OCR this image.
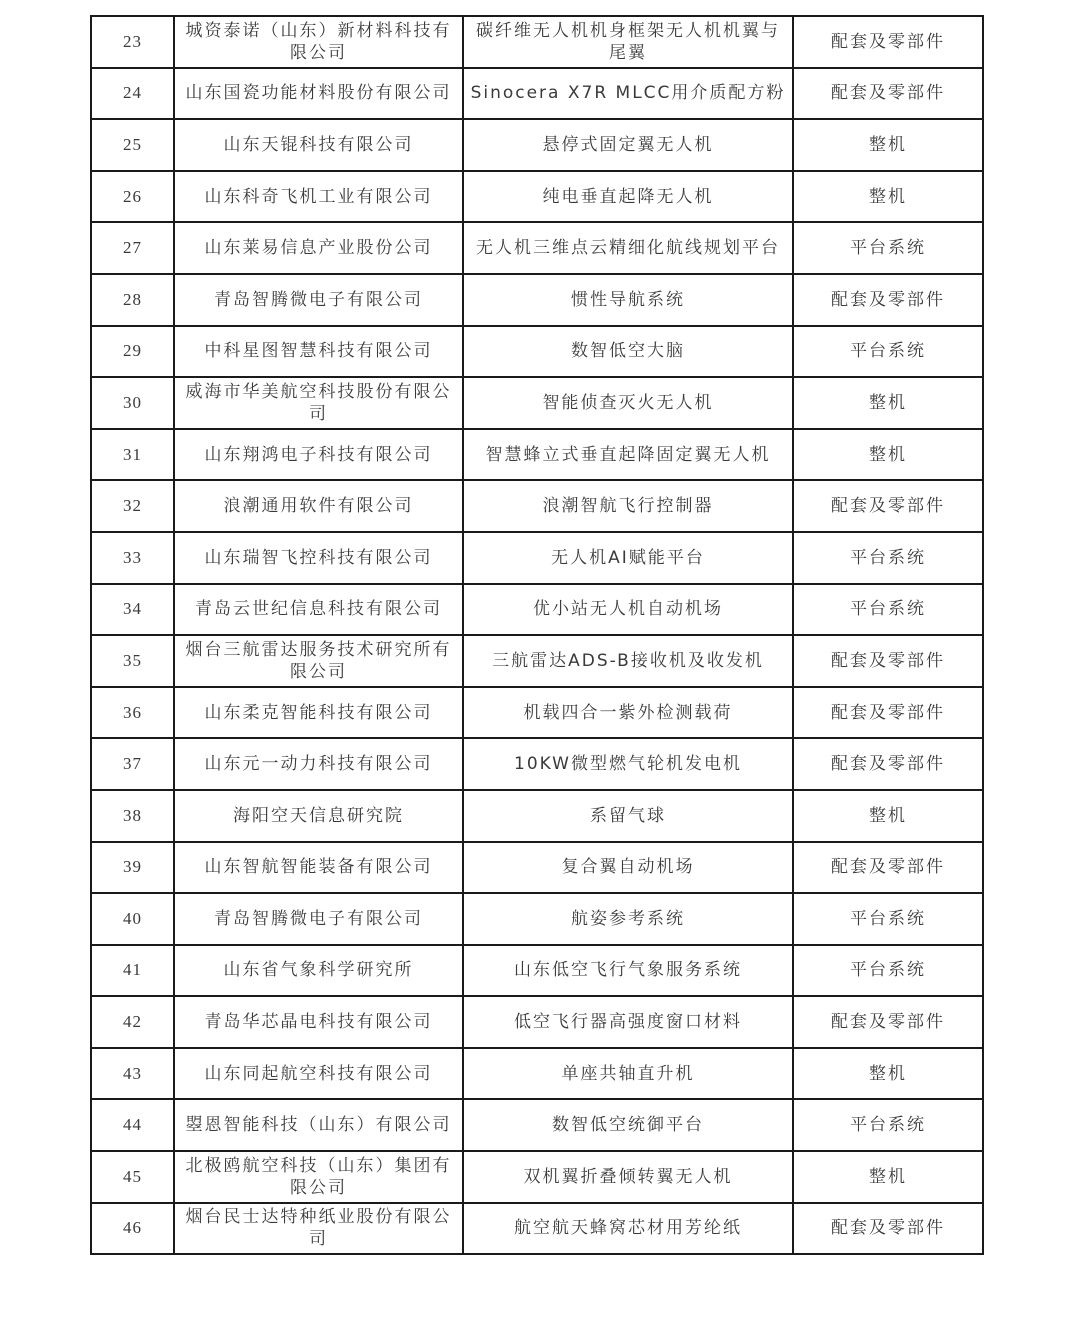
23	城资泰诺（山东）新材料科技有限公司	碳纤维无人机机身框架无人机机翼与尾翼	配套及零部件
24	山东国瓷功能材料股份有限公司	Sinocera X7R MLCC用介质配方粉	配套及零部件
25	山东天锟科技有限公司	悬停式固定翼无人机	整机
26	山东科奇飞机工业有限公司	纯电垂直起降无人机	整机
27	山东莱易信息产业股份公司	无人机三维点云精细化航线规划平台	平台系统
28	青岛智腾微电子有限公司	惯性导航系统	配套及零部件
29	中科星图智慧科技有限公司	数智低空大脑	平台系统
30	威海市华美航空科技股份有限公司	智能侦查灭火无人机	整机
31	山东翔鸿电子科技有限公司	智慧蜂立式垂直起降固定翼无人机	整机
32	浪潮通用软件有限公司	浪潮智航飞行控制器	配套及零部件
33	山东瑞智飞控科技有限公司	无人机AI赋能平台	平台系统
34	青岛云世纪信息科技有限公司	优小站无人机自动机场	平台系统
35	烟台三航雷达服务技术研究所有限公司	三航雷达ADS-B接收机及收发机	配套及零部件
36	山东柔克智能科技有限公司	机载四合一紫外检测载荷	配套及零部件
37	山东元一动力科技有限公司	10KW微型燃气轮机发电机	配套及零部件
38	海阳空天信息研究院	系留气球	整机
39	山东智航智能装备有限公司	复合翼自动机场	配套及零部件
40	青岛智腾微电子有限公司	航姿参考系统	平台系统
41	山东省气象科学研究所	山东低空飞行气象服务系统	平台系统
42	青岛华芯晶电科技有限公司	低空飞行器高强度窗口材料	配套及零部件
43	山东同起航空科技有限公司	单座共轴直升机	整机
44	曌恩智能科技（山东）有限公司	数智低空统御平台	平台系统
45	北极鸥航空科技（山东）集团有限公司	双机翼折叠倾转翼无人机	整机
46	烟台民士达特种纸业股份有限公司	航空航天蜂窝芯材用芳纶纸	配套及零部件
